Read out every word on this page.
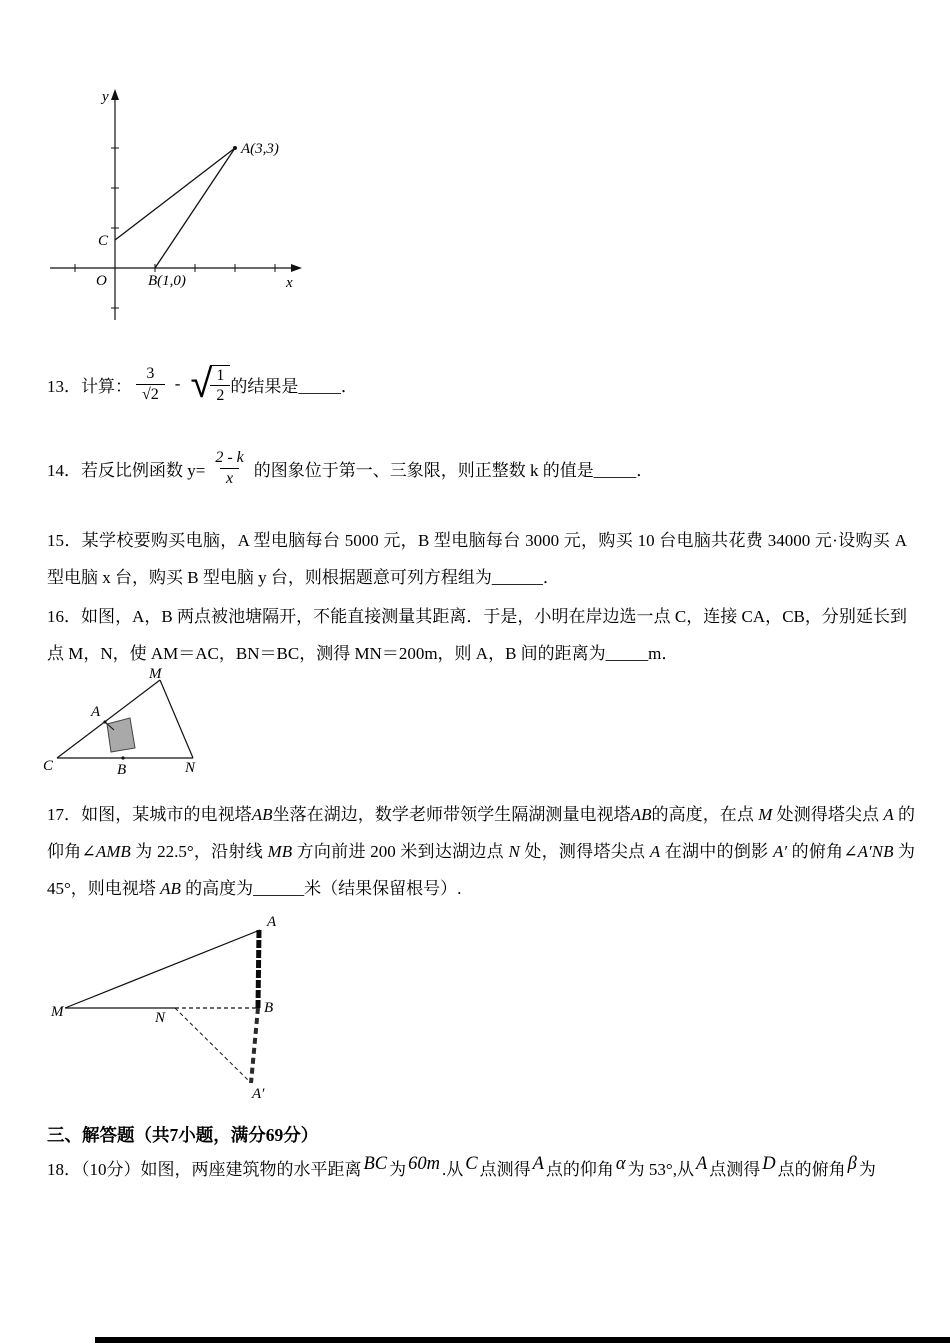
y
x
O
A(3,3)
C
B(1,0)
13．计算： $\frac{3}{√2}$ - √
$\frac{1}{2}$ 的结果是_____．
14．若反比例函数 $y= \frac{2 - k}{x}$ 的图象位于第一、三象限，则正整数 k 的值是_____．
15．某学校要购买电脑，A 型电脑每台 5000 元，B 型电脑每台 3000 元，购买 10 台电脑共花费 34000 元·设购买 A 型电脑 x 台，购买 B 型电脑 y 台，则根据题意可列方程组为______．
16．如图，A，B 两点被池塘隔开，不能直接测量其距离．于是，小明在岸边选一点 C，连接 CA，CB，分别延长到点 M，N，使 AM＝AC，BN＝BC，测得 MN＝200m，则 A，B 间的距离为_____m．
M
A
C	B	N
17．如图，某城市的电视塔AB坐落在湖边，数学老师带领学生隔湖测量电视塔AB的高度，在点 M 处测得塔尖点 A 的仰角∠AMB 为 22.5°，沿射线 MB 方向前进 200 米到达湖边点 N 处，测得塔尖点 A 在湖中的倒影 A′ 的俯角∠A′NB 为 45°，则电视塔 AB 的高度为______米（结果保留根号）.
A
M	N
B
A′
三、解答题（共7小题，满分69分）
18．（10分）如图，两座建筑物的水平距离 BC 为 60m .从 C 点测得 A 点的仰角 α 为 53°,从 A 点测得 D 点的俯角 β 为
